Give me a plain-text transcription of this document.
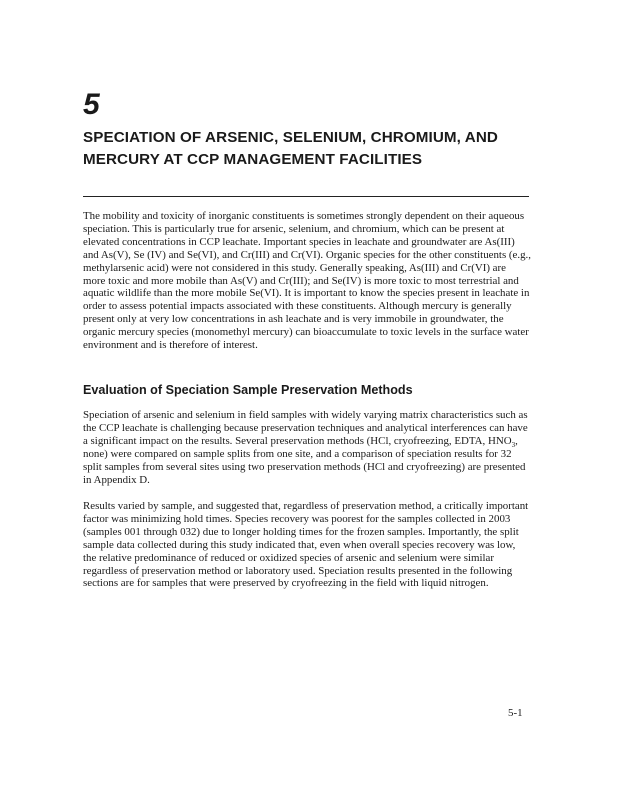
5
SPECIATION OF ARSENIC, SELENIUM, CHROMIUM, AND MERCURY AT CCP MANAGEMENT FACILITIES

The mobility and toxicity of inorganic constituents is sometimes strongly dependent on their aqueous speciation. This is particularly true for arsenic, selenium, and chromium, which can be present at elevated concentrations in CCP leachate. Important species in leachate and groundwater are As(III) and As(V), Se (IV) and Se(VI), and Cr(III) and Cr(VI). Organic species for the other constituents (e.g., methylarsenic acid) were not considered in this study. Generally speaking, As(III) and Cr(VI) are more toxic and more mobile than As(V) and Cr(III); and Se(IV) is more toxic to most terrestrial and aquatic wildlife than the more mobile Se(VI). It is important to know the species present in leachate in order to assess potential impacts associated with these constituents. Although mercury is generally present only at very low concentrations in ash leachate and is very immobile in groundwater, the organic mercury species (monomethyl mercury) can bioaccumulate to toxic levels in the surface water environment and is therefore of interest.

Evaluation of Speciation Sample Preservation Methods

Speciation of arsenic and selenium in field samples with widely varying matrix characteristics such as the CCP leachate is challenging because preservation techniques and analytical interferences can have a significant impact on the results. Several preservation methods (HCl, cryofreezing, EDTA, $HNO_3$, none) were compared on sample splits from one site, and a comparison of speciation results for 32 split samples from several sites using two preservation methods (HCl and cryofreezing) are presented in Appendix D.

Results varied by sample, and suggested that, regardless of preservation method, a critically important factor was minimizing hold times. Species recovery was poorest for the samples collected in 2003 (samples 001 through 032) due to longer holding times for the frozen samples. Importantly, the split sample data collected during this study indicated that, even when overall species recovery was low, the relative predominance of reduced or oxidized species of arsenic and selenium were similar regardless of preservation method or laboratory used. Speciation results presented in the following sections are for samples that were preserved by cryofreezing in the field with liquid nitrogen.

5-1
